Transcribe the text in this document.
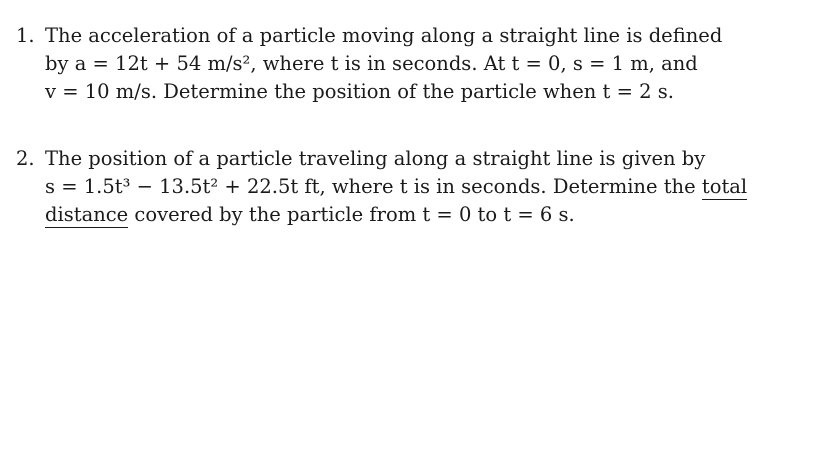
1. The acceleration of a particle moving along a straight line is defined
by a = 12t + 54 m/s², where t is in seconds. At t = 0, s = 1 m, and
v = 10 m/s. Determine the position of the particle when t = 2 s.
2. The position of a particle traveling along a straight line is given by
s = 1.5t³ − 13.5t² + 22.5t ft, where t is in seconds. Determine the total
distance covered by the particle from t = 0 to t = 6 s.
